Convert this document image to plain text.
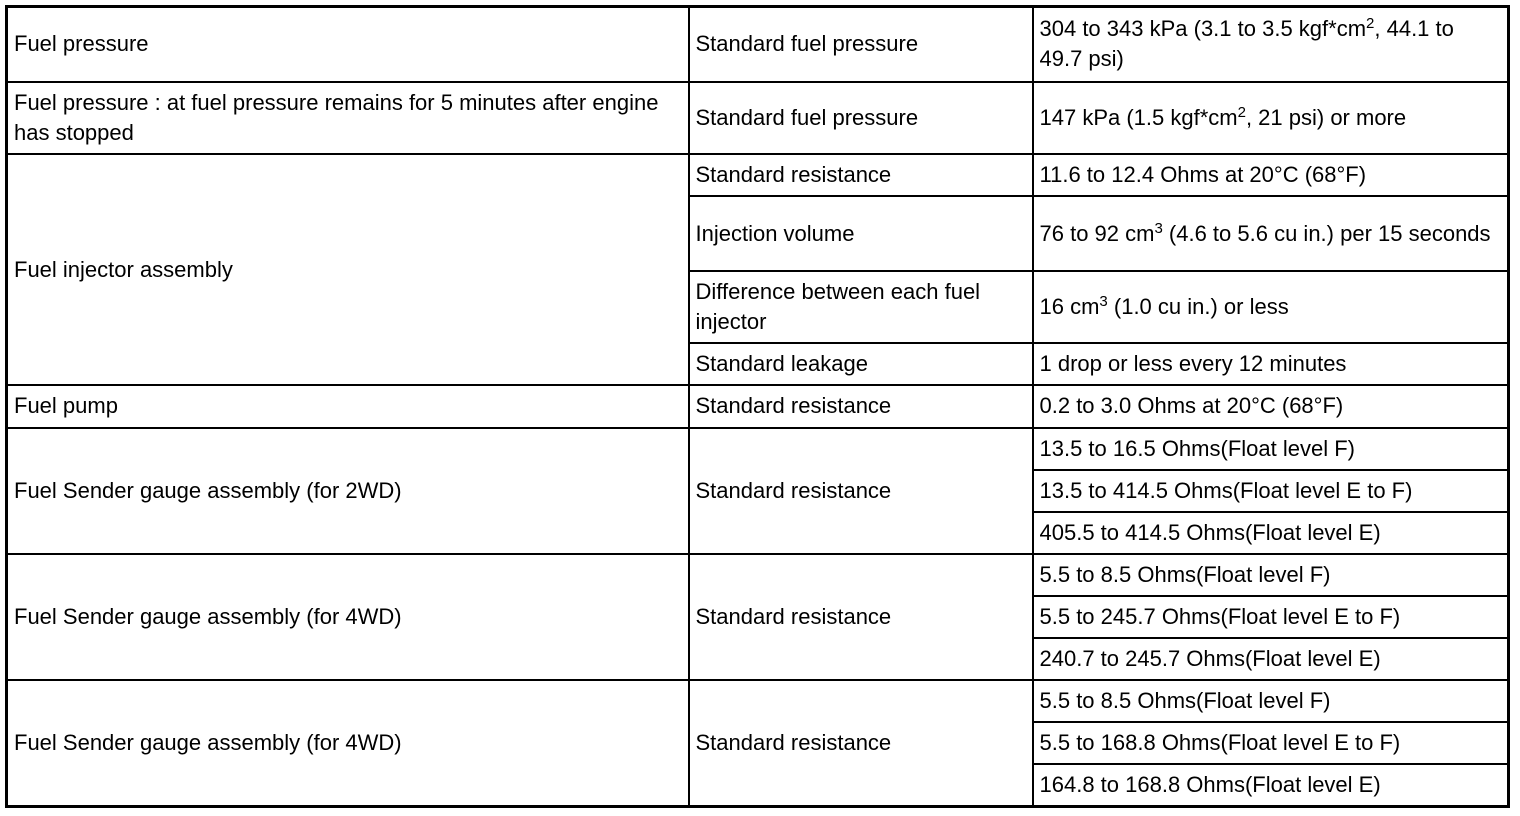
Fuel pressure	Standard fuel pressure	304 to 343 kPa (3.1 to 3.5 $kgf*cm^2$, 44.1 to 49.7 psi)
Fuel pressure : at fuel pressure remains for 5 minutes after engine has stopped	Standard fuel pressure	147 kPa (1.5 $kgf*cm^2$, 21 psi) or more
Fuel injector assembly	Standard resistance	11.6 to 12.4 Ohms at 20°C (68°F)
	Injection volume	76 to 92 $cm^3$ (4.6 to 5.6 cu in.) per 15 seconds
	Difference between each fuel injector	16 $cm^3$ (1.0 cu in.) or less
	Standard leakage	1 drop or less every 12 minutes
Fuel pump	Standard resistance	0.2 to 3.0 Ohms at 20°C (68°F)
Fuel Sender gauge assembly (for 2WD)	Standard resistance	13.5 to 16.5 Ohms(Float level F)
		13.5 to 414.5 Ohms(Float level E to F)
		405.5 to 414.5 Ohms(Float level E)
Fuel Sender gauge assembly (for 4WD)	Standard resistance	5.5 to 8.5 Ohms(Float level F)
		5.5 to 245.7 Ohms(Float level E to F)
		240.7 to 245.7 Ohms(Float level E)
Fuel Sender gauge assembly (for 4WD)	Standard resistance	5.5 to 8.5 Ohms(Float level F)
		5.5 to 168.8 Ohms(Float level E to F)
		164.8 to 168.8 Ohms(Float level E)
